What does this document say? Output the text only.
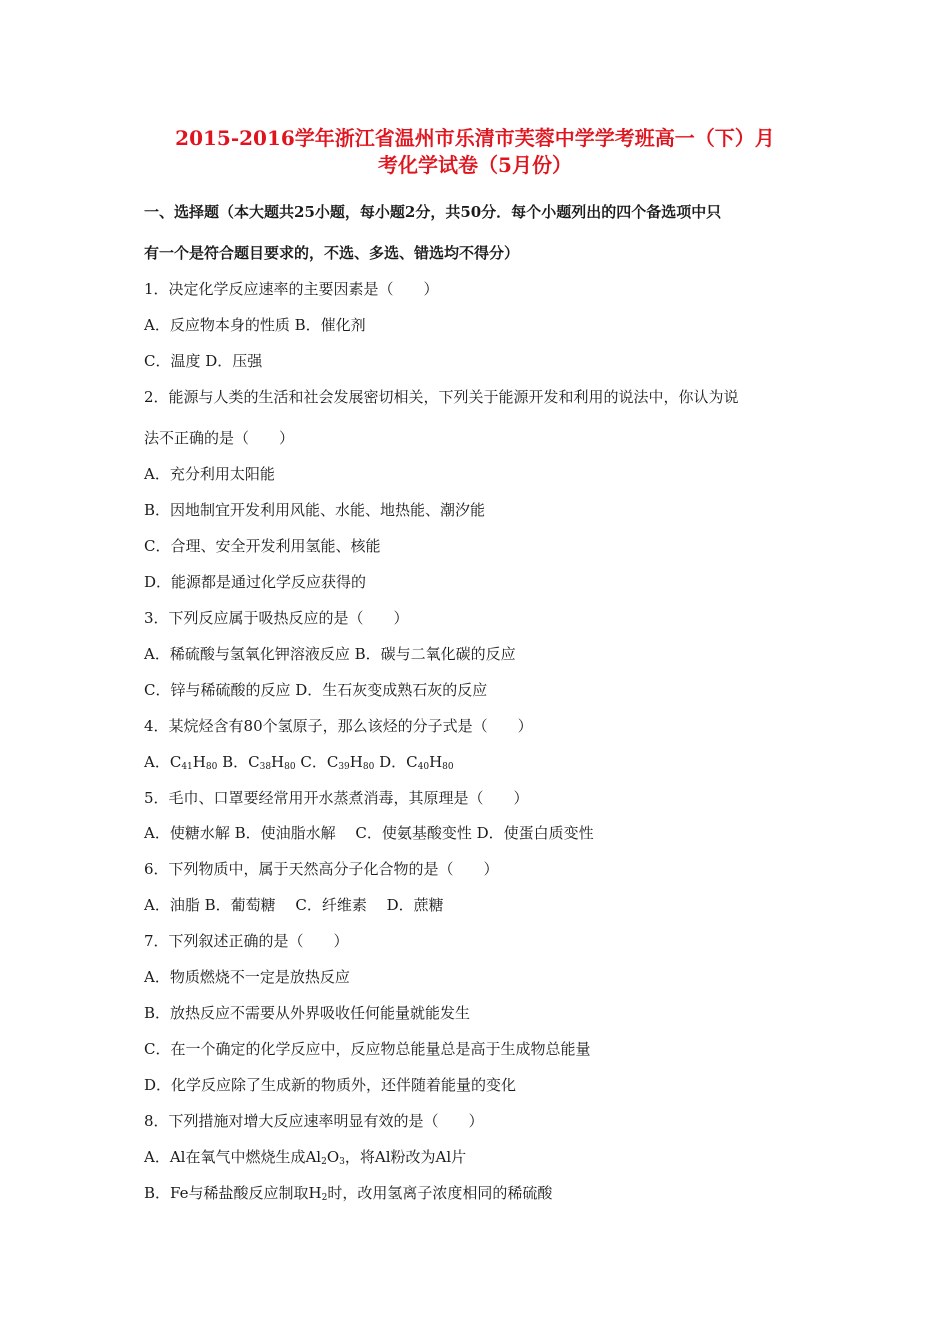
2015-2016学年浙江省温州市乐清市芙蓉中学学考班高一（下）月
考化学试卷（5月份）
一、选择题（本大题共25小题，每小题2分，共50分．每个小题列出的四个备选项中只
有一个是符合题目要求的，不选、多选、错选均不得分）
1．决定化学反应速率的主要因素是（　　）
A．反应物本身的性质 B．催化剂
C．温度 D．压强
2．能源与人类的生活和社会发展密切相关，下列关于能源开发和利用的说法中，你认为说
法不正确的是（　　）
A．充分利用太阳能
B．因地制宜开发利用风能、水能、地热能、潮汐能
C．合理、安全开发利用氢能、核能
D．能源都是通过化学反应获得的
3．下列反应属于吸热反应的是（　　）
A．稀硫酸与氢氧化钾溶液反应 B．碳与二氧化碳的反应
C．锌与稀硫酸的反应 D．生石灰变成熟石灰的反应
4．某烷烃含有80个氢原子，那么该烃的分子式是（　　）
A．$C_{41}H_{80}$ B．$C_{38}H_{80}$ C．$C_{39}H_{80}$ D．$C_{40}H_{80}$
5．毛巾、口罩要经常用开水蒸煮消毒，其原理是（　　）
A．使糖水解 B．使油脂水解　 C．使氨基酸变性 D．使蛋白质变性
6．下列物质中，属于天然高分子化合物的是（　　）
A．油脂 B．葡萄糖　 C．纤维素　 D．蔗糖
7．下列叙述正确的是（　　）
A．物质燃烧不一定是放热反应
B．放热反应不需要从外界吸收任何能量就能发生
C．在一个确定的化学反应中，反应物总能量总是高于生成物总能量
D．化学反应除了生成新的物质外，还伴随着能量的变化
8．下列措施对增大反应速率明显有效的是（　　）
A．Al在氧气中燃烧生成$Al_2O_3$，将Al粉改为Al片
B．Fe与稀盐酸反应制取$H_2$时，改用氢离子浓度相同的稀硫酸
